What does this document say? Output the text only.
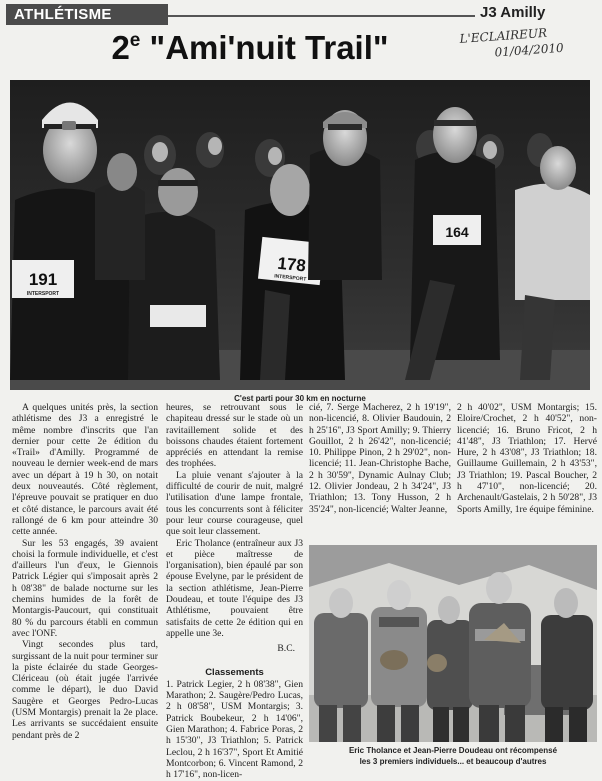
ATHLÉTISME	J3 Amilly
L'ECLAIREUR
01/04/2010
2e "Ami'nuit Trail"
191
INTERSPORT
178
INTERSPORT
164
C'est parti pour 30 km en nocturne

A quelques unités près, la section athlétisme des J3 a enregistré le même nombre d'inscrits que l'an dernier pour cette 2e édition du «Trail» d'Amilly. Programmé de nouveau le dernier week-end de mars avec un départ à 19 h 30, on notait deux nouveautés. Côté règlement, l'épreuve pouvait se pratiquer en duo et côté distance, le parcours avait été rallongé de 6 km pour atteindre 30 cette année.

Sur les 53 engagés, 39 avaient choisi la formule individuelle, et c'est d'ailleurs l'un d'eux, le Giennois Patrick Légier qui s'imposait après 2 h 08'38" de balade nocturne sur les chemins humides de la forêt de Montargis-Paucourt, qui constituait 80 % du parcours établi en commun avec l'ONF.

Vingt secondes plus tard, surgissant de la nuit pour terminer sur la piste éclairée du stade Georges-Clériceau (où était jugée l'arrivée comme le départ), le duo David Saugère et Georges Pedro-Lucas (USM Montargis) prenait la 2e place. Les arrivants se succédaient ensuite pendant près de 2

heures, se retrouvant sous le chapiteau dressé sur le stade où un ravitaillement solide et des boissons chaudes étaient fortement appréciés en attendant la remise des trophées.

La pluie venant s'ajouter à la difficulté de courir de nuit, malgré l'utilisation d'une lampe frontale, tous les concurrents sont à féliciter pour leur course courageuse, quel que soit leur classement.

Eric Tholance (entraîneur aux J3 et pièce maîtresse de l'organisation), bien épaulé par son épouse Evelyne, par le président de la section athlétisme, Jean-Pierre Doudeau, et toute l'équipe des J3 Athlétisme, pouvaient être satisfaits de cette 2e édition qui en appelle une 3e.

B.C.

Classements

1. Patrick Legier, 2 h 08'38", Gien Marathon; 2. Saugère/Pedro Lucas, 2 h 08'58", USM Montargis; 3. Patrick Boubekeur, 2 h 14'06", Gien Marathon; 4. Fabrice Poras, 2 h 15'30", J3 Triathlon; 5. Patrick Leclou, 2 h 16'37", Sport Et Amitié Montcorbon; 6. Vincent Ramond, 2 h 17'16", non-licen-

cié, 7. Serge Macherez, 2 h 19'19", non-licencié, 8. Olivier Baudouin, 2 h 25'16", J3 Sport Amilly; 9. Thierry Gouillot, 2 h 26'42", non-licencié; 10. Philippe Pinon, 2 h 29'02", non-licencié; 11. Jean-Christophe Bache, 2 h 30'59", Dynamic Aulnay Club; 12. Olivier Jondeau, 2 h 34'24", J3 Triathlon; 13. Tony Husson, 2 h 35'24", non-licencié; Walter Jeanne,

2 h 40'02", USM Montargis; 15. Eloire/Crochet, 2 h 40'52", non-licencié; 16. Bruno Fricot, 2 h 41'48", J3 Triathlon; 17. Hervé Hure, 2 h 43'08", J3 Triathlon; 18. Guillaume Guillemain, 2 h 43'53", J3 Triathlon; 19. Pascal Boucher, 2 h 47'10", non-licencié; 20. Archenault/Gastelais, 2 h 50'28", J3 Sports Amilly, 1re équipe féminine.

Eric Tholance et Jean-Pierre Doudeau ont récompensé
les 3 premiers individuels... et beaucoup d'autres
